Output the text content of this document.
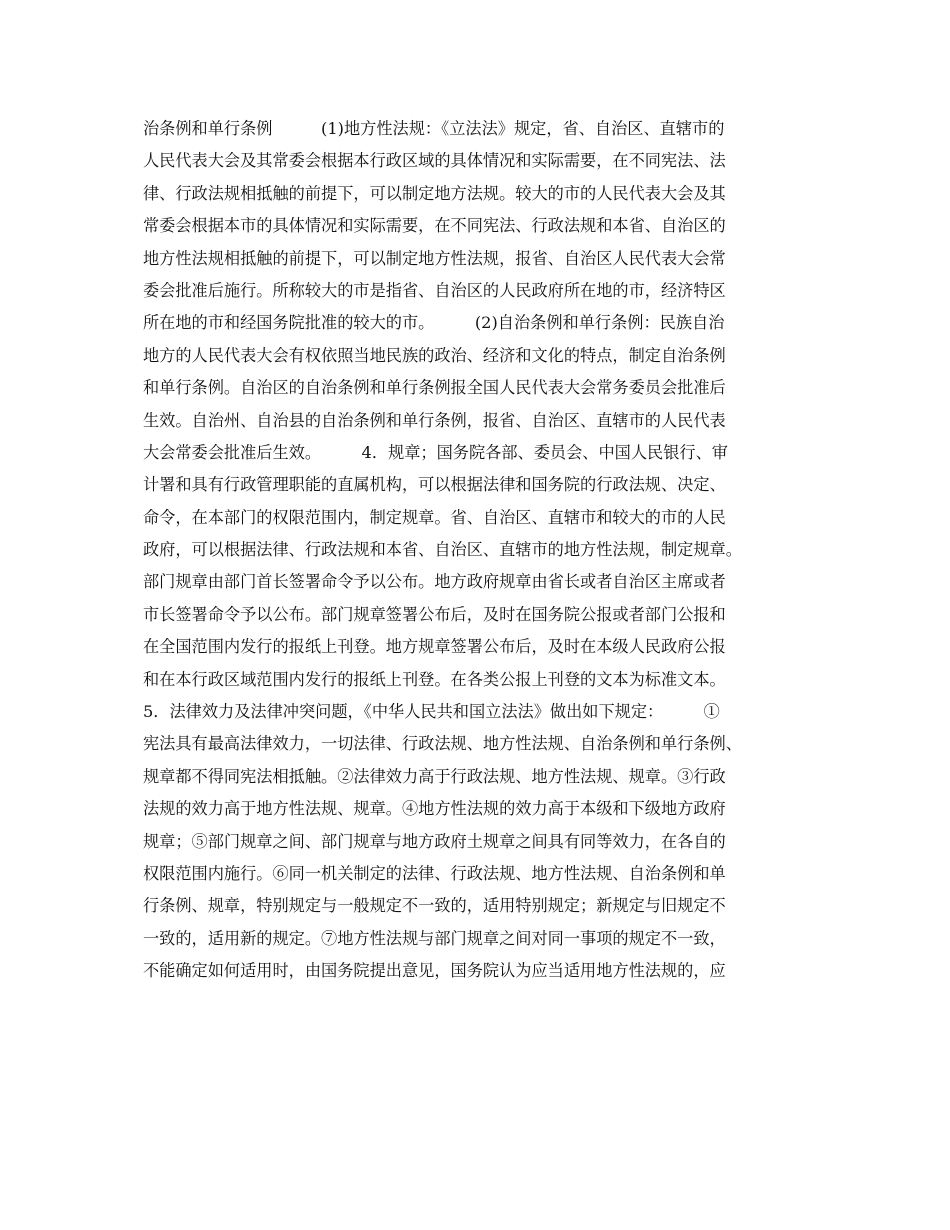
治条例和单行条例　　　(1)地方性法规：《立法法》规定，省、自治区、直辖市的
人民代表大会及其常委会根据本行政区域的具体情况和实际需要，在不同宪法、法
律、行政法规相抵触的前提下，可以制定地方法规。较大的市的人民代表大会及其
常委会根据本市的具体情况和实际需要，在不同宪法、行政法规和本省、自治区的
地方性法规相抵触的前提下，可以制定地方性法规，报省、自治区人民代表大会常
委会批准后施行。所称较大的市是指省、自治区的人民政府所在地的市，经济特区
所在地的市和经国务院批准的较大的市。　　　(2)自治条例和单行条例：民族自治
地方的人民代表大会有权依照当地民族的政治、经济和文化的特点，制定自治条例
和单行条例。自治区的自治条例和单行条例报全国人民代表大会常务委员会批准后
生效。自治州、自治县的自治条例和单行条例，报省、自治区、直辖市的人民代表
大会常委会批准后生效。　　　4．规章；国务院各部、委员会、中国人民银行、审
计署和具有行政管理职能的直属机构，可以根据法律和国务院的行政法规、决定、
命令，在本部门的权限范围内，制定规章。省、自治区、直辖市和较大的市的人民
政府，可以根据法律、行政法规和本省、自治区、直辖市的地方性法规，制定规章。
部门规章由部门首长签署命令予以公布。地方政府规章由省长或者自治区主席或者
市长签署命令予以公布。部门规章签署公布后，及时在国务院公报或者部门公报和
在全国范围内发行的报纸上刊登。地方规章签署公布后，及时在本级人民政府公报
和在本行政区域范围内发行的报纸上刊登。在各类公报上刊登的文本为标准文本。
5．法律效力及法律冲突问题，《中华人民共和国立法法》做出如下规定：　　　①
宪法具有最高法律效力，一切法律、行政法规、地方性法规、自治条例和单行条例、
规章都不得同宪法相抵触。②法律效力高于行政法规、地方性法规、规章。③行政
法规的效力高于地方性法规、规章。④地方性法规的效力高于本级和下级地方政府
规章；⑤部门规章之间、部门规章与地方政府土规章之间具有同等效力，在各自的
权限范围内施行。⑥同一机关制定的法律、行政法规、地方性法规、自治条例和单
行条例、规章，特别规定与一般规定不一致的，适用特别规定；新规定与旧规定不
一致的，适用新的规定。⑦地方性法规与部门规章之间对同一事项的规定不一致，
不能确定如何适用时，由国务院提出意见，国务院认为应当适用地方性法规的，应
